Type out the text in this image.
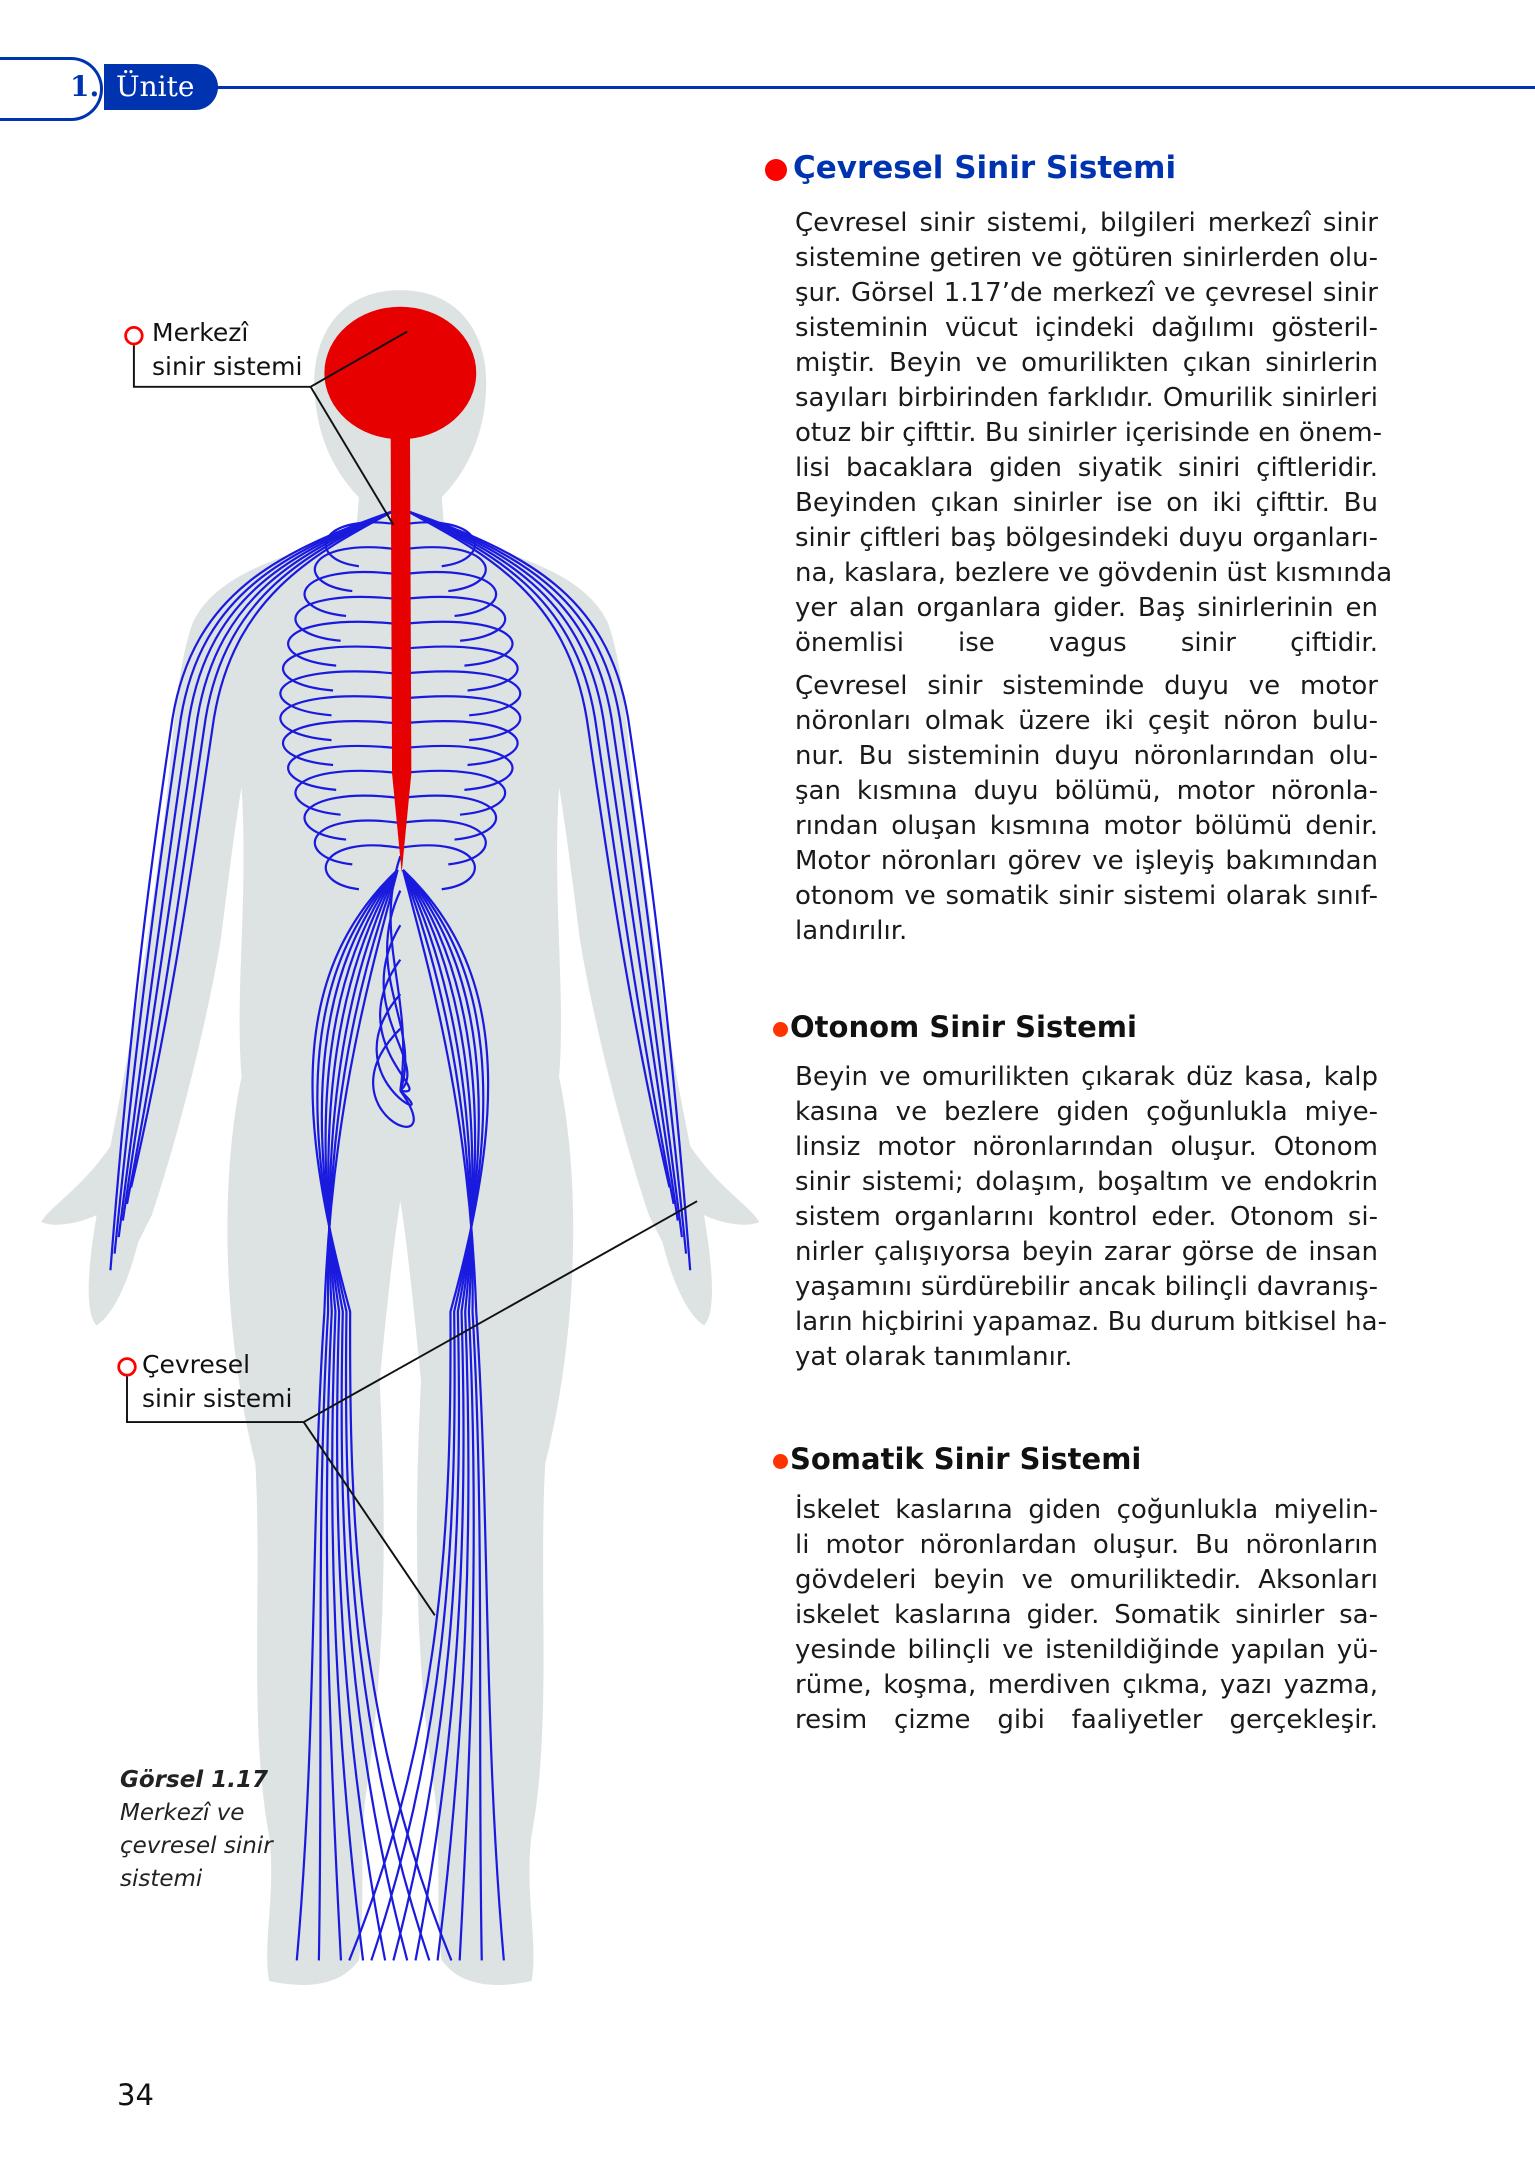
1. Ünite
Merkezî
sinir sistemi
Çevresel
sinir sistemi
Görsel 1.17
Merkezî ve
çevresel sinir
sistemi
Çevresel Sinir Sistemi
Çevresel sinir sistemi, bilgileri merkezî sinir
sistemine getiren ve götüren sinirlerden olu-
şur. Görsel 1.17’de merkezî ve çevresel sinir
sisteminin vücut içindeki dağılımı gösteril-
miştir. Beyin ve omurilikten çıkan sinirlerin
sayıları birbirinden farklıdır. Omurilik sinirleri
otuz bir çifttir. Bu sinirler içerisinde en önem-
lisi bacaklara giden siyatik siniri çiftleridir.
Beyinden çıkan sinirler ise on iki çifttir. Bu
sinir çiftleri baş bölgesindeki duyu organları-
na, kaslara, bezlere ve gövdenin üst kısmında
yer alan organlara gider. Baş sinirlerinin en
önemlisi ise vagus sinir çiftidir.
Çevresel sinir sisteminde duyu ve motor
nöronları olmak üzere iki çeşit nöron bulu-
nur. Bu sisteminin duyu nöronlarından olu-
şan kısmına duyu bölümü, motor nöronla-
rından oluşan kısmına motor bölümü denir.
Motor nöronları görev ve işleyiş bakımından
otonom ve somatik sinir sistemi olarak sınıf-
landırılır.
Otonom Sinir Sistemi
Beyin ve omurilikten çıkarak düz kasa, kalp
kasına ve bezlere giden çoğunlukla miye-
linsiz motor nöronlarından oluşur. Otonom
sinir sistemi; dolaşım, boşaltım ve endokrin
sistem organlarını kontrol eder. Otonom si-
nirler çalışıyorsa beyin zarar görse de insan
yaşamını sürdürebilir ancak bilinçli davranış-
ların hiçbirini yapamaz. Bu durum bitkisel ha-
yat olarak tanımlanır.
Somatik Sinir Sistemi
İskelet kaslarına giden çoğunlukla miyelin-
li motor nöronlardan oluşur. Bu nöronların
gövdeleri beyin ve omuriliktedir. Aksonları
iskelet kaslarına gider. Somatik sinirler sa-
yesinde bilinçli ve istenildiğinde yapılan yü-
rüme, koşma, merdiven çıkma, yazı yazma,
resim çizme gibi faaliyetler gerçekleşir.
34
